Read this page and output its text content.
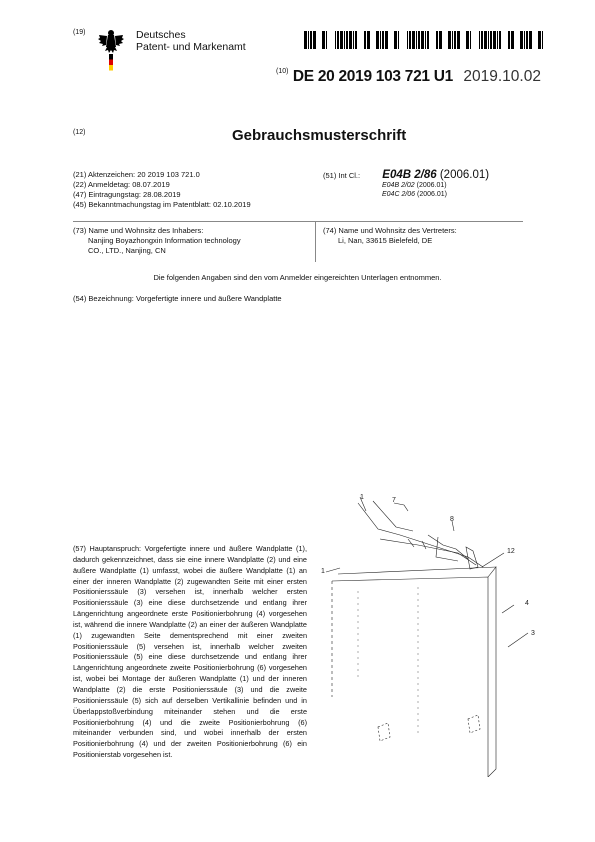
(19)	Deutsches
Patent- und Markenamt
$^{(10)}$ DE 20 2019 103 721 U1 2019.10.02
(12)	Gebrauchsmusterschrift
(21) Aktenzeichen: 20 2019 103 721.0
(22) Anmeldetag: 08.07.2019
(47) Eintragungstag: 28.08.2019
(45) Bekanntmachungstag im Patentblatt: 02.10.2019
(51) Int Cl.: E04B 2/86 (2006.01)
E04B 2/02 (2006.01)
E04C 2/06 (2006.01)
(73) Name und Wohnsitz des Inhabers:
Nanjing Boyazhongxin Information technology
CO., LTD., Nanjing, CN
(74) Name und Wohnsitz des Vertreters:
Li, Nan, 33615 Bielefeld, DE
Die folgenden Angaben sind den vom Anmelder eingereichten Unterlagen entnommen.
(54) Bezeichnung: Vorgefertigte innere und äußere Wandplatte
(57) Hauptanspruch: Vorgefertigte innere und äußere Wandplatte (1), dadurch gekennzeichnet, dass sie eine innere Wandplatte (2) und eine äußere Wandplatte (1) umfasst, wobei die äußere Wandplatte (1) an einer der inneren Wandplatte (2) zugewandten Seite mit einer ersten Positionierssäule (3) versehen ist, innerhalb welcher ersten Positionierssäule (3) eine diese durchsetzende und entlang ihrer Längenrichtung angeordnete erste Positionierbohrung (4) vorgesehen ist, während die innere Wandplatte (2) an einer der äußeren Wandplatte (1) zugewandten Seite dementsprechend mit einer zweiten Positionierssäule (5) versehen ist, innerhalb welcher zweiten Positionierssäule (5) eine diese durchsetzende und entlang ihrer Längenrichtung angeordnete zweite Positionierbohrung (6) vorgesehen ist, wobei bei Montage der äußeren Wandplatte (1) und der inneren Wandplatte (2) die erste Positionierssäule (3) und die zweite Positionierssäule (5) sich auf derselben Vertikallinie befinden und in Überlappstoßverbindung miteinander stehen und die erste Positionierbohrung (4) und die zweite Positionierbohrung (6) miteinander verbunden sind, und wobei innerhalb der ersten Positionierbohrung (4) und der zweiten Positionierbohrung (6) ein Positionierstab vorgesehen ist.
1	7
8
12
1
4
3
